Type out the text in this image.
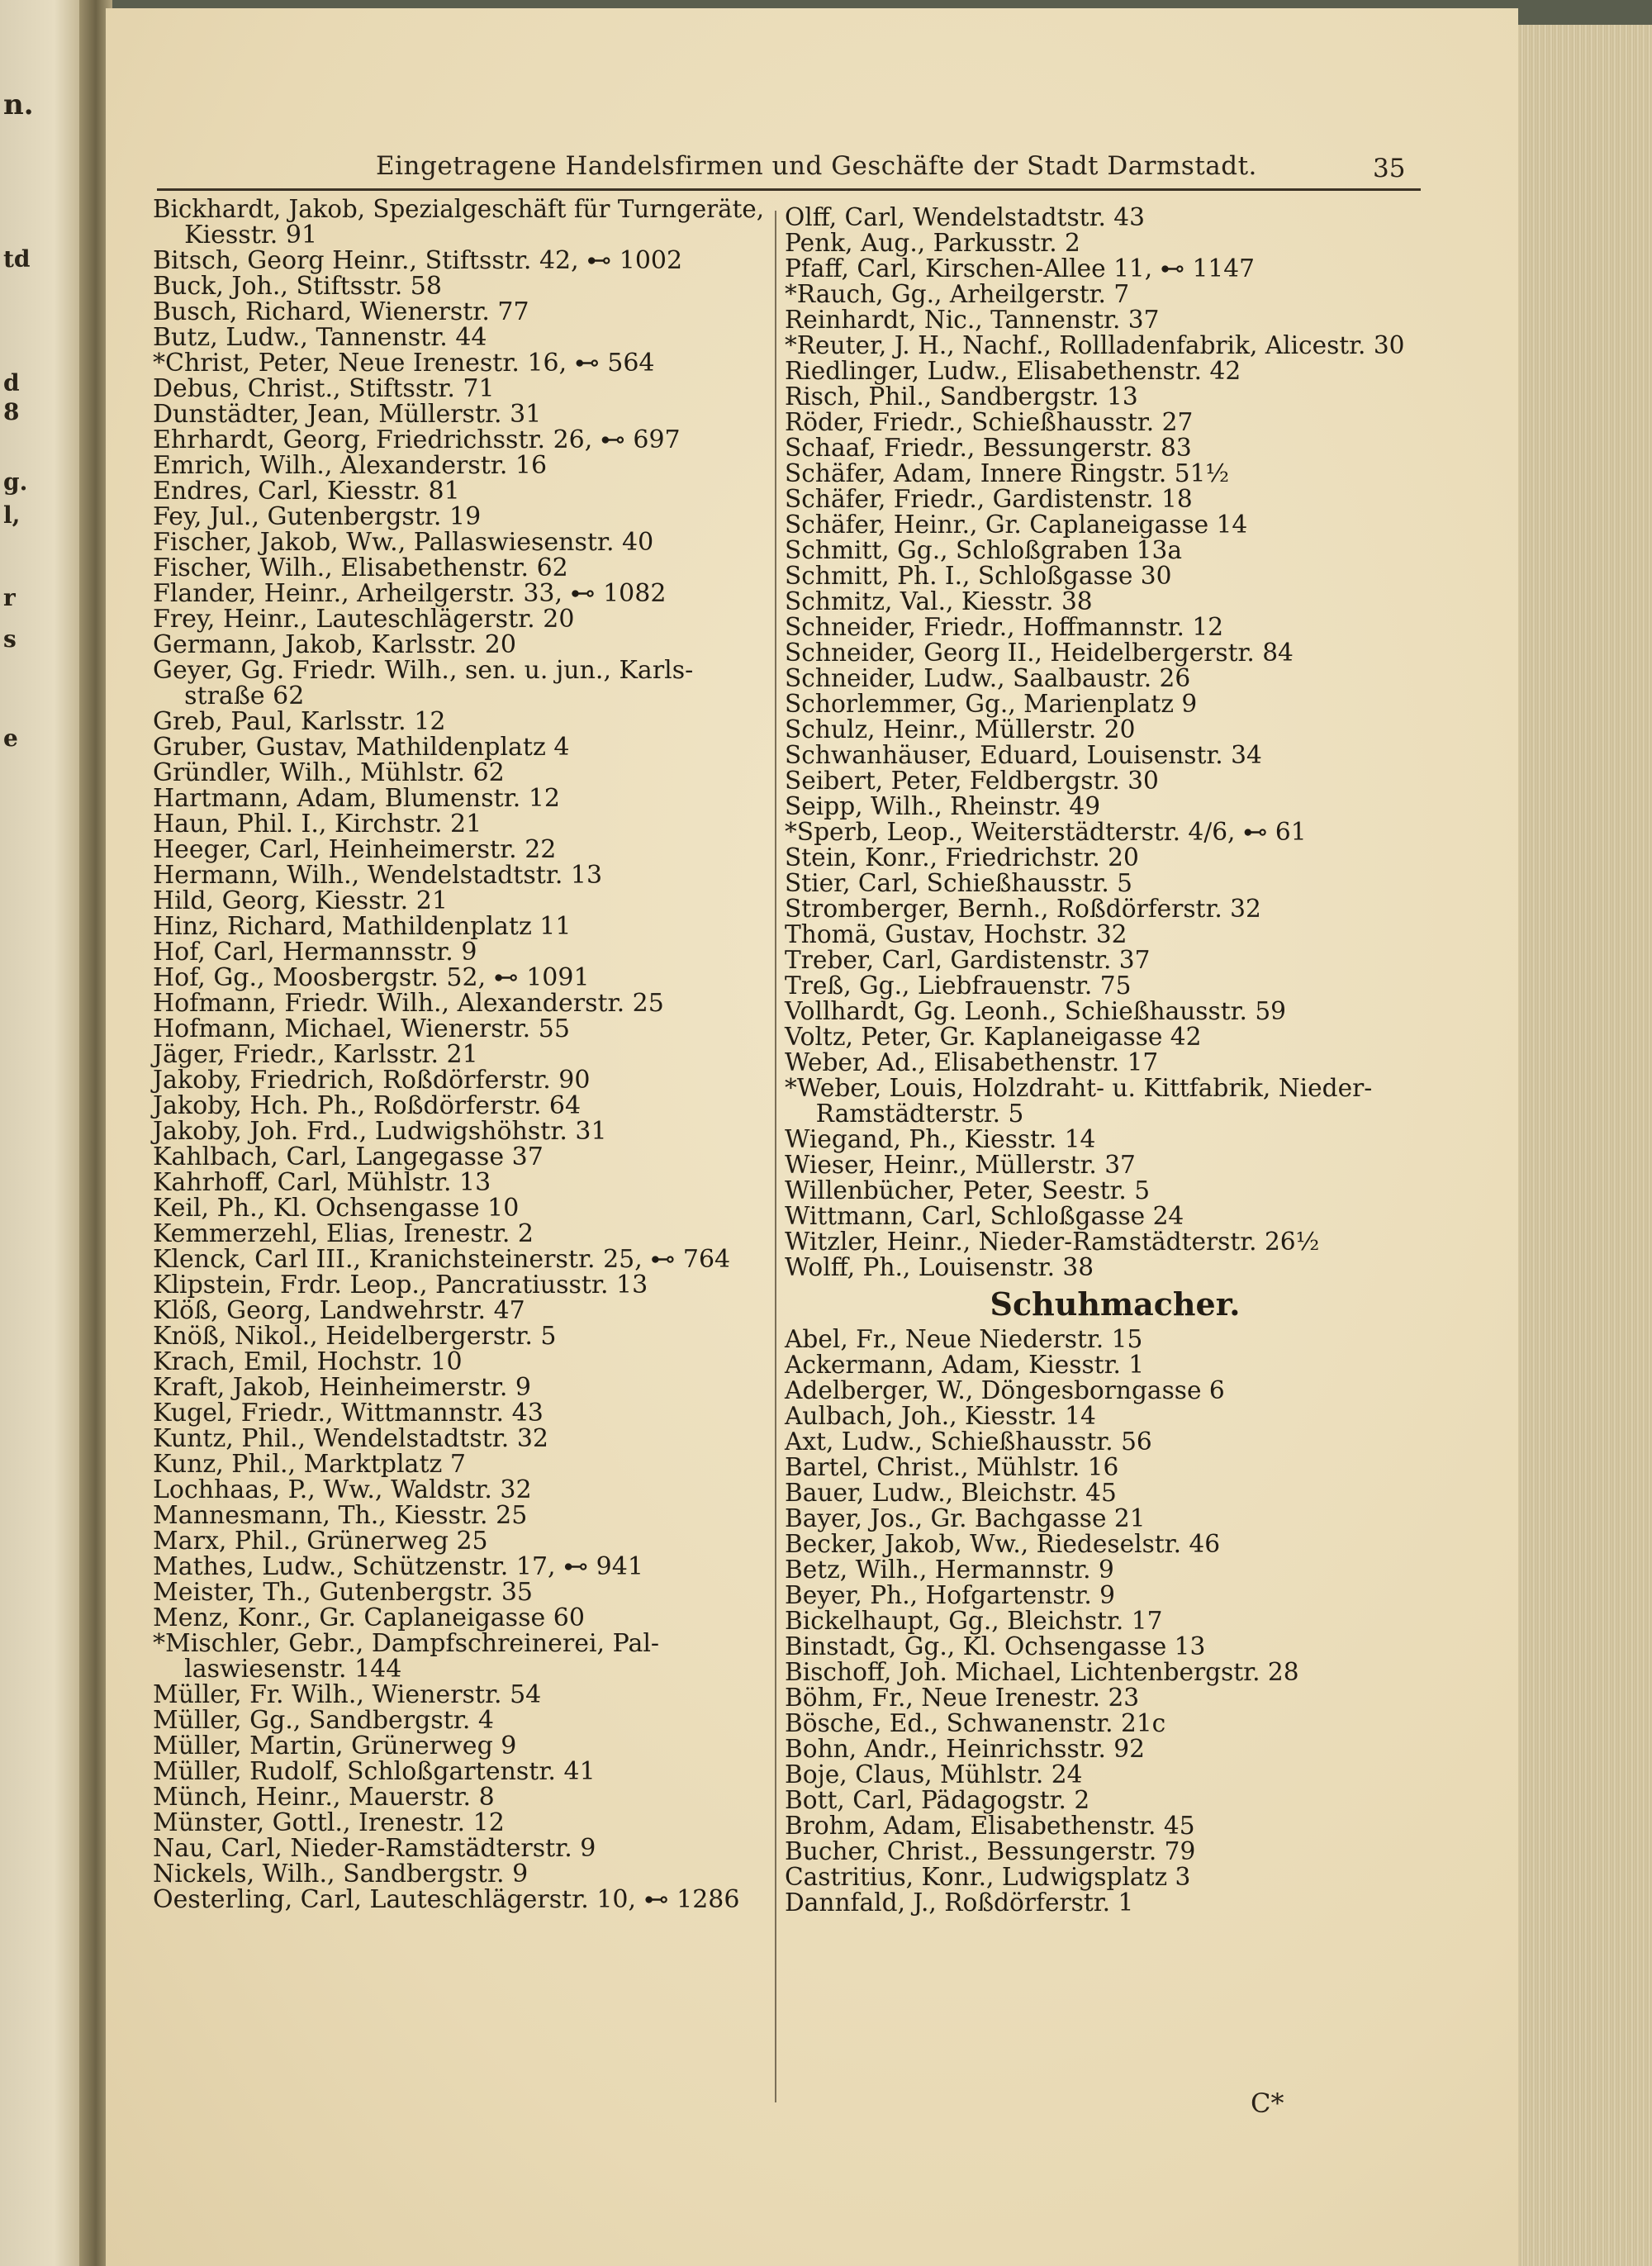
n.
td
d
8
g.
l,
r
s
e
Eingetragene Handelsfirmen und Geschäfte der Stadt Darmstadt.	35
Bickhardt, Jakob, Spezialgeschäft für Turngeräte,
Kiesstr. 91
Bitsch, Georg Heinr., Stiftsstr. 42, ⊷ 1002
Buck, Joh., Stiftsstr. 58
Busch, Richard, Wienerstr. 77
Butz, Ludw., Tannenstr. 44
*Christ, Peter, Neue Irenestr. 16, ⊷ 564
Debus, Christ., Stiftsstr. 71
Dunstädter, Jean, Müllerstr. 31
Ehrhardt, Georg, Friedrichsstr. 26, ⊷ 697
Emrich, Wilh., Alexanderstr. 16
Endres, Carl, Kiesstr. 81
Fey, Jul., Gutenbergstr. 19
Fischer, Jakob, Ww., Pallaswiesenstr. 40
Fischer, Wilh., Elisabethenstr. 62
Flander, Heinr., Arheilgerstr. 33, ⊷ 1082
Frey, Heinr., Lauteschlägerstr. 20
Germann, Jakob, Karlsstr. 20
Geyer, Gg. Friedr. Wilh., sen. u. jun., Karls-
straße 62
Greb, Paul, Karlsstr. 12
Gruber, Gustav, Mathildenplatz 4
Gründler, Wilh., Mühlstr. 62
Hartmann, Adam, Blumenstr. 12
Haun, Phil. I., Kirchstr. 21
Heeger, Carl, Heinheimerstr. 22
Hermann, Wilh., Wendelstadtstr. 13
Hild, Georg, Kiesstr. 21
Hinz, Richard, Mathildenplatz 11
Hof, Carl, Hermannsstr. 9
Hof, Gg., Moosbergstr. 52, ⊷ 1091
Hofmann, Friedr. Wilh., Alexanderstr. 25
Hofmann, Michael, Wienerstr. 55
Jäger, Friedr., Karlsstr. 21
Jakoby, Friedrich, Roßdörferstr. 90
Jakoby, Hch. Ph., Roßdörferstr. 64
Jakoby, Joh. Frd., Ludwigshöhstr. 31
Kahlbach, Carl, Langegasse 37
Kahrhoff, Carl, Mühlstr. 13
Keil, Ph., Kl. Ochsengasse 10
Kemmerzehl, Elias, Irenestr. 2
Klenck, Carl III., Kranichsteinerstr. 25, ⊷ 764
Klipstein, Frdr. Leop., Pancratiusstr. 13
Klöß, Georg, Landwehrstr. 47
Knöß, Nikol., Heidelbergerstr. 5
Krach, Emil, Hochstr. 10
Kraft, Jakob, Heinheimerstr. 9
Kugel, Friedr., Wittmannstr. 43
Kuntz, Phil., Wendelstadtstr. 32
Kunz, Phil., Marktplatz 7
Lochhaas, P., Ww., Waldstr. 32
Mannesmann, Th., Kiesstr. 25
Marx, Phil., Grünerweg 25
Mathes, Ludw., Schützenstr. 17, ⊷ 941
Meister, Th., Gutenbergstr. 35
Menz, Konr., Gr. Caplaneigasse 60
*Mischler, Gebr., Dampfschreinerei, Pal-
laswiesenstr. 144
Müller, Fr. Wilh., Wienerstr. 54
Müller, Gg., Sandbergstr. 4
Müller, Martin, Grünerweg 9
Müller, Rudolf, Schloßgartenstr. 41
Münch, Heinr., Mauerstr. 8
Münster, Gottl., Irenestr. 12
Nau, Carl, Nieder-Ramstädterstr. 9
Nickels, Wilh., Sandbergstr. 9
Oesterling, Carl, Lauteschlägerstr. 10, ⊷ 1286
Olff, Carl, Wendelstadtstr. 43
Penk, Aug., Parkusstr. 2
Pfaff, Carl, Kirschen-Allee 11, ⊷ 1147
*Rauch, Gg., Arheilgerstr. 7
Reinhardt, Nic., Tannenstr. 37
*Reuter, J. H., Nachf., Rollladenfabrik, Alicestr. 30
Riedlinger, Ludw., Elisabethenstr. 42
Risch, Phil., Sandbergstr. 13
Röder, Friedr., Schießhausstr. 27
Schaaf, Friedr., Bessungerstr. 83
Schäfer, Adam, Innere Ringstr. 51½
Schäfer, Friedr., Gardistenstr. 18
Schäfer, Heinr., Gr. Caplaneigasse 14
Schmitt, Gg., Schloßgraben 13a
Schmitt, Ph. I., Schloßgasse 30
Schmitz, Val., Kiesstr. 38
Schneider, Friedr., Hoffmannstr. 12
Schneider, Georg II., Heidelbergerstr. 84
Schneider, Ludw., Saalbaustr. 26
Schorlemmer, Gg., Marienplatz 9
Schulz, Heinr., Müllerstr. 20
Schwanhäuser, Eduard, Louisenstr. 34
Seibert, Peter, Feldbergstr. 30
Seipp, Wilh., Rheinstr. 49
*Sperb, Leop., Weiterstädterstr. 4/6, ⊷ 61
Stein, Konr., Friedrichstr. 20
Stier, Carl, Schießhausstr. 5
Stromberger, Bernh., Roßdörferstr. 32
Thomä, Gustav, Hochstr. 32
Treber, Carl, Gardistenstr. 37
Treß, Gg., Liebfrauenstr. 75
Vollhardt, Gg. Leonh., Schießhausstr. 59
Voltz, Peter, Gr. Kaplaneigasse 42
Weber, Ad., Elisabethenstr. 17
*Weber, Louis, Holzdraht- u. Kittfabrik, Nieder-
Ramstädterstr. 5
Wiegand, Ph., Kiesstr. 14
Wieser, Heinr., Müllerstr. 37
Willenbücher, Peter, Seestr. 5
Wittmann, Carl, Schloßgasse 24
Witzler, Heinr., Nieder-Ramstädterstr. 26½
Wolff, Ph., Louisenstr. 38
Schuhmacher.
Abel, Fr., Neue Niederstr. 15
Ackermann, Adam, Kiesstr. 1
Adelberger, W., Döngesborngasse 6
Aulbach, Joh., Kiesstr. 14
Axt, Ludw., Schießhausstr. 56
Bartel, Christ., Mühlstr. 16
Bauer, Ludw., Bleichstr. 45
Bayer, Jos., Gr. Bachgasse 21
Becker, Jakob, Ww., Riedeselstr. 46
Betz, Wilh., Hermannstr. 9
Beyer, Ph., Hofgartenstr. 9
Bickelhaupt, Gg., Bleichstr. 17
Binstadt, Gg., Kl. Ochsengasse 13
Bischoff, Joh. Michael, Lichtenbergstr. 28
Böhm, Fr., Neue Irenestr. 23
Bösche, Ed., Schwanenstr. 21c
Bohn, Andr., Heinrichsstr. 92
Boje, Claus, Mühlstr. 24
Bott, Carl, Pädagogstr. 2
Brohm, Adam, Elisabethenstr. 45
Bucher, Christ., Bessungerstr. 79
Castritius, Konr., Ludwigsplatz 3
Dannfald, J., Roßdörferstr. 1
C*
